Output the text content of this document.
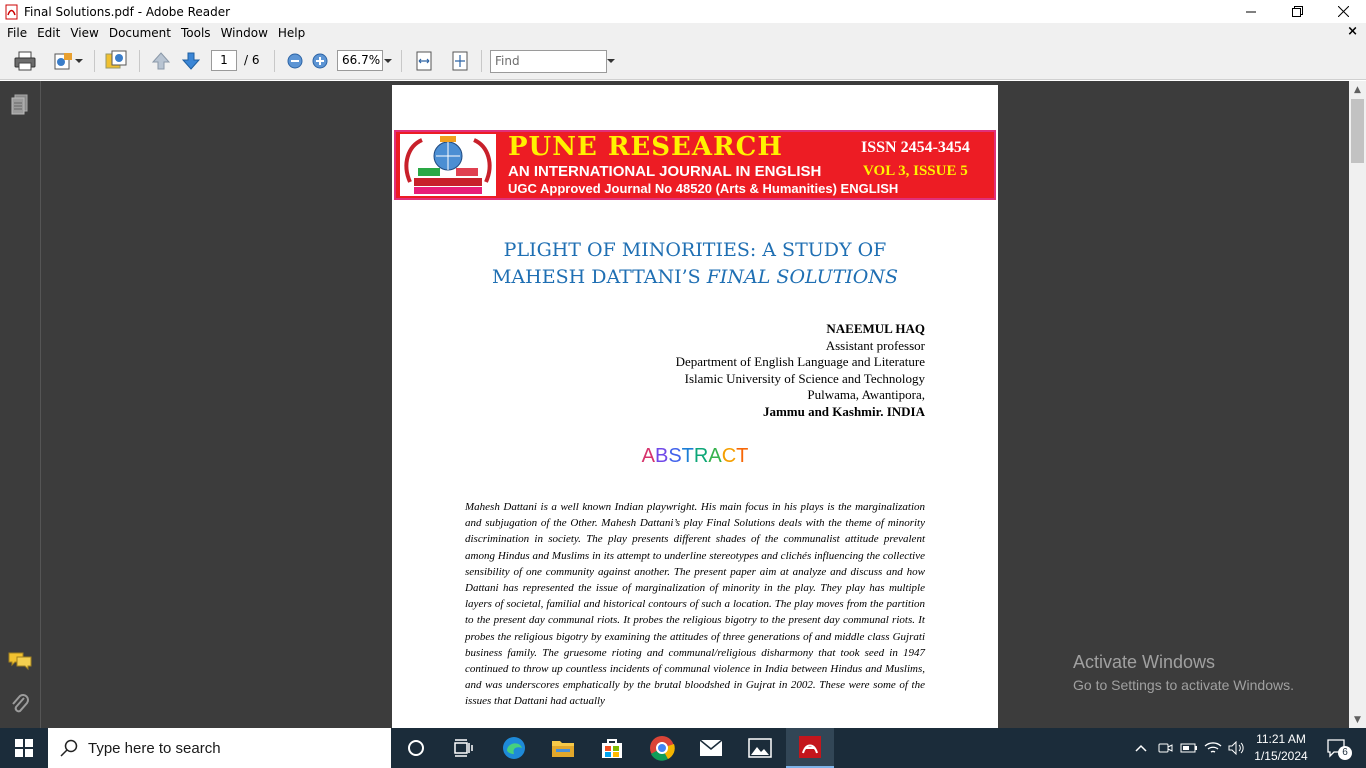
Final Solutions.pdf - Adobe Reader
File Edit View Document Tools Window Help	×
1	/ 6	66.7%	Find
PUNE RESEARCH	ISSN 2454-3454
AN INTERNATIONAL JOURNAL IN ENGLISH	VOL 3, ISSUE 5
UGC Approved Journal No 48520 (Arts & Humanities) ENGLISH
PLIGHT OF MINORITIES: A STUDY OF
MAHESH DATTANI’S FINAL SOLUTIONS
NAEEMUL HAQ
Assistant professor
Department of English Language and Literature
Islamic University of Science and Technology
Pulwama, Awantipora,
Jammu and Kashmir. INDIA
ABSTRACT
Mahesh Dattani is a well known Indian playwright. His main focus in his plays is the marginalization and subjugation of the Other. Mahesh Dattani’s play Final Solutions deals with the theme of minority discrimination in society. The play presents different shades of the communalist attitude prevalent among Hindus and Muslims in its attempt to underline stereotypes and clichés influencing the collective sensibility of one community against another. The present paper aim at analyze and discuss and how Dattani has represented the issue of marginalization of minority in the play. They play has multiple layers of societal, familial and historical contours of such a location. The play moves from the partition to the present day communal riots. It probes the religious bigotry to the present day communal riots. It probes the religious bigotry by examining the attitudes of three generations of and middle class Gujrati business family. The gruesome rioting and communal/religious disharmony that took seed in 1947 continued to throw up countless incidents of communal violence in India between Hindus and Muslims, and was underscores emphatically by the brutal bloodshed in Gujrat in 2002. These were some of the issues that Dattani had actually
▲
▼
Activate Windows
Go to Settings to activate Windows.
Type here to search
11:21 AM
1/15/2024	6
